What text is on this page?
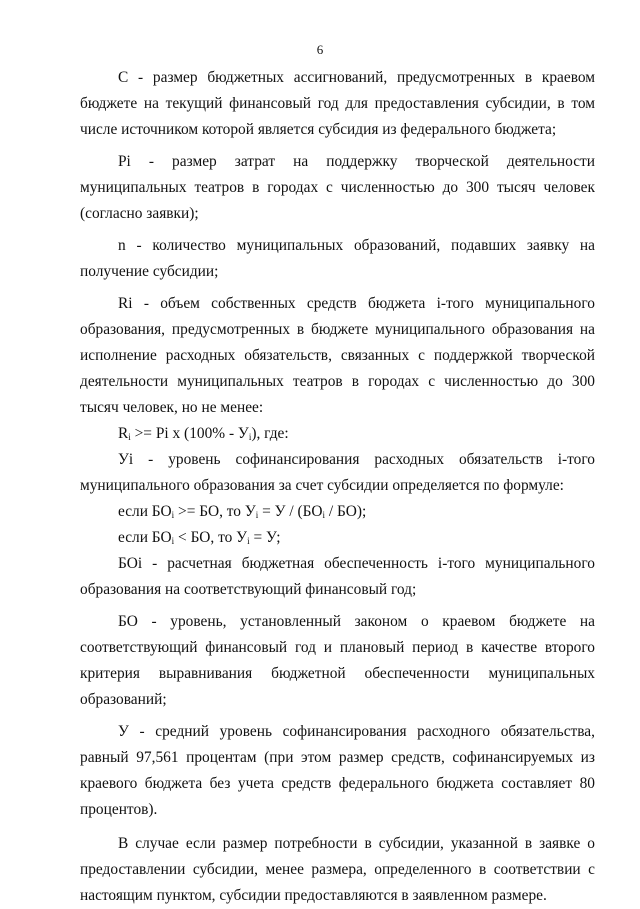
6

С - размер бюджетных ассигнований, предусмотренных в краевом бюджете на текущий финансовый год для предоставления субсидии, в том числе источником которой является субсидия из федерального бюджета;

Pi - размер затрат на поддержку творческой деятельности муниципальных театров в городах с численностью до 300 тысяч человек (согласно заявки);

n - количество муниципальных образований, подавших заявку на получение субсидии;

Ri - объем собственных средств бюджета i-того муниципального образования, предусмотренных в бюджете муниципального образования на исполнение расходных обязательств, связанных с поддержкой творческой деятельности муниципальных театров в городах с численностью до 300 тысяч человек, но не менее:

$R_i >= Pi$ x $(100\% - У_i)$, где:

Уi - уровень софинансирования расходных обязательств i-того муниципального образования за счет субсидии определяется по формуле:

если $БО_i$ >= БО, то $У_i = У / (БО_i / БО)$;

если $БО_i$ < БО, то $У_i = У$;

БОi - расчетная бюджетная обеспеченность i-того муниципального образования на соответствующий финансовый год;

БО - уровень, установленный законом о краевом бюджете на соответствующий финансовый год и плановый период в качестве второго критерия выравнивания бюджетной обеспеченности муниципальных образований;

У - средний уровень софинансирования расходного обязательства, равный 97,561 процентам (при этом размер средств, софинансируемых из краевого бюджета без учета средств федерального бюджета составляет 80 процентов).

В случае если размер потребности в субсидии, указанной в заявке о предоставлении субсидии, менее размера, определенного в соответствии с настоящим пунктом, субсидии предоставляются в заявленном размере.
